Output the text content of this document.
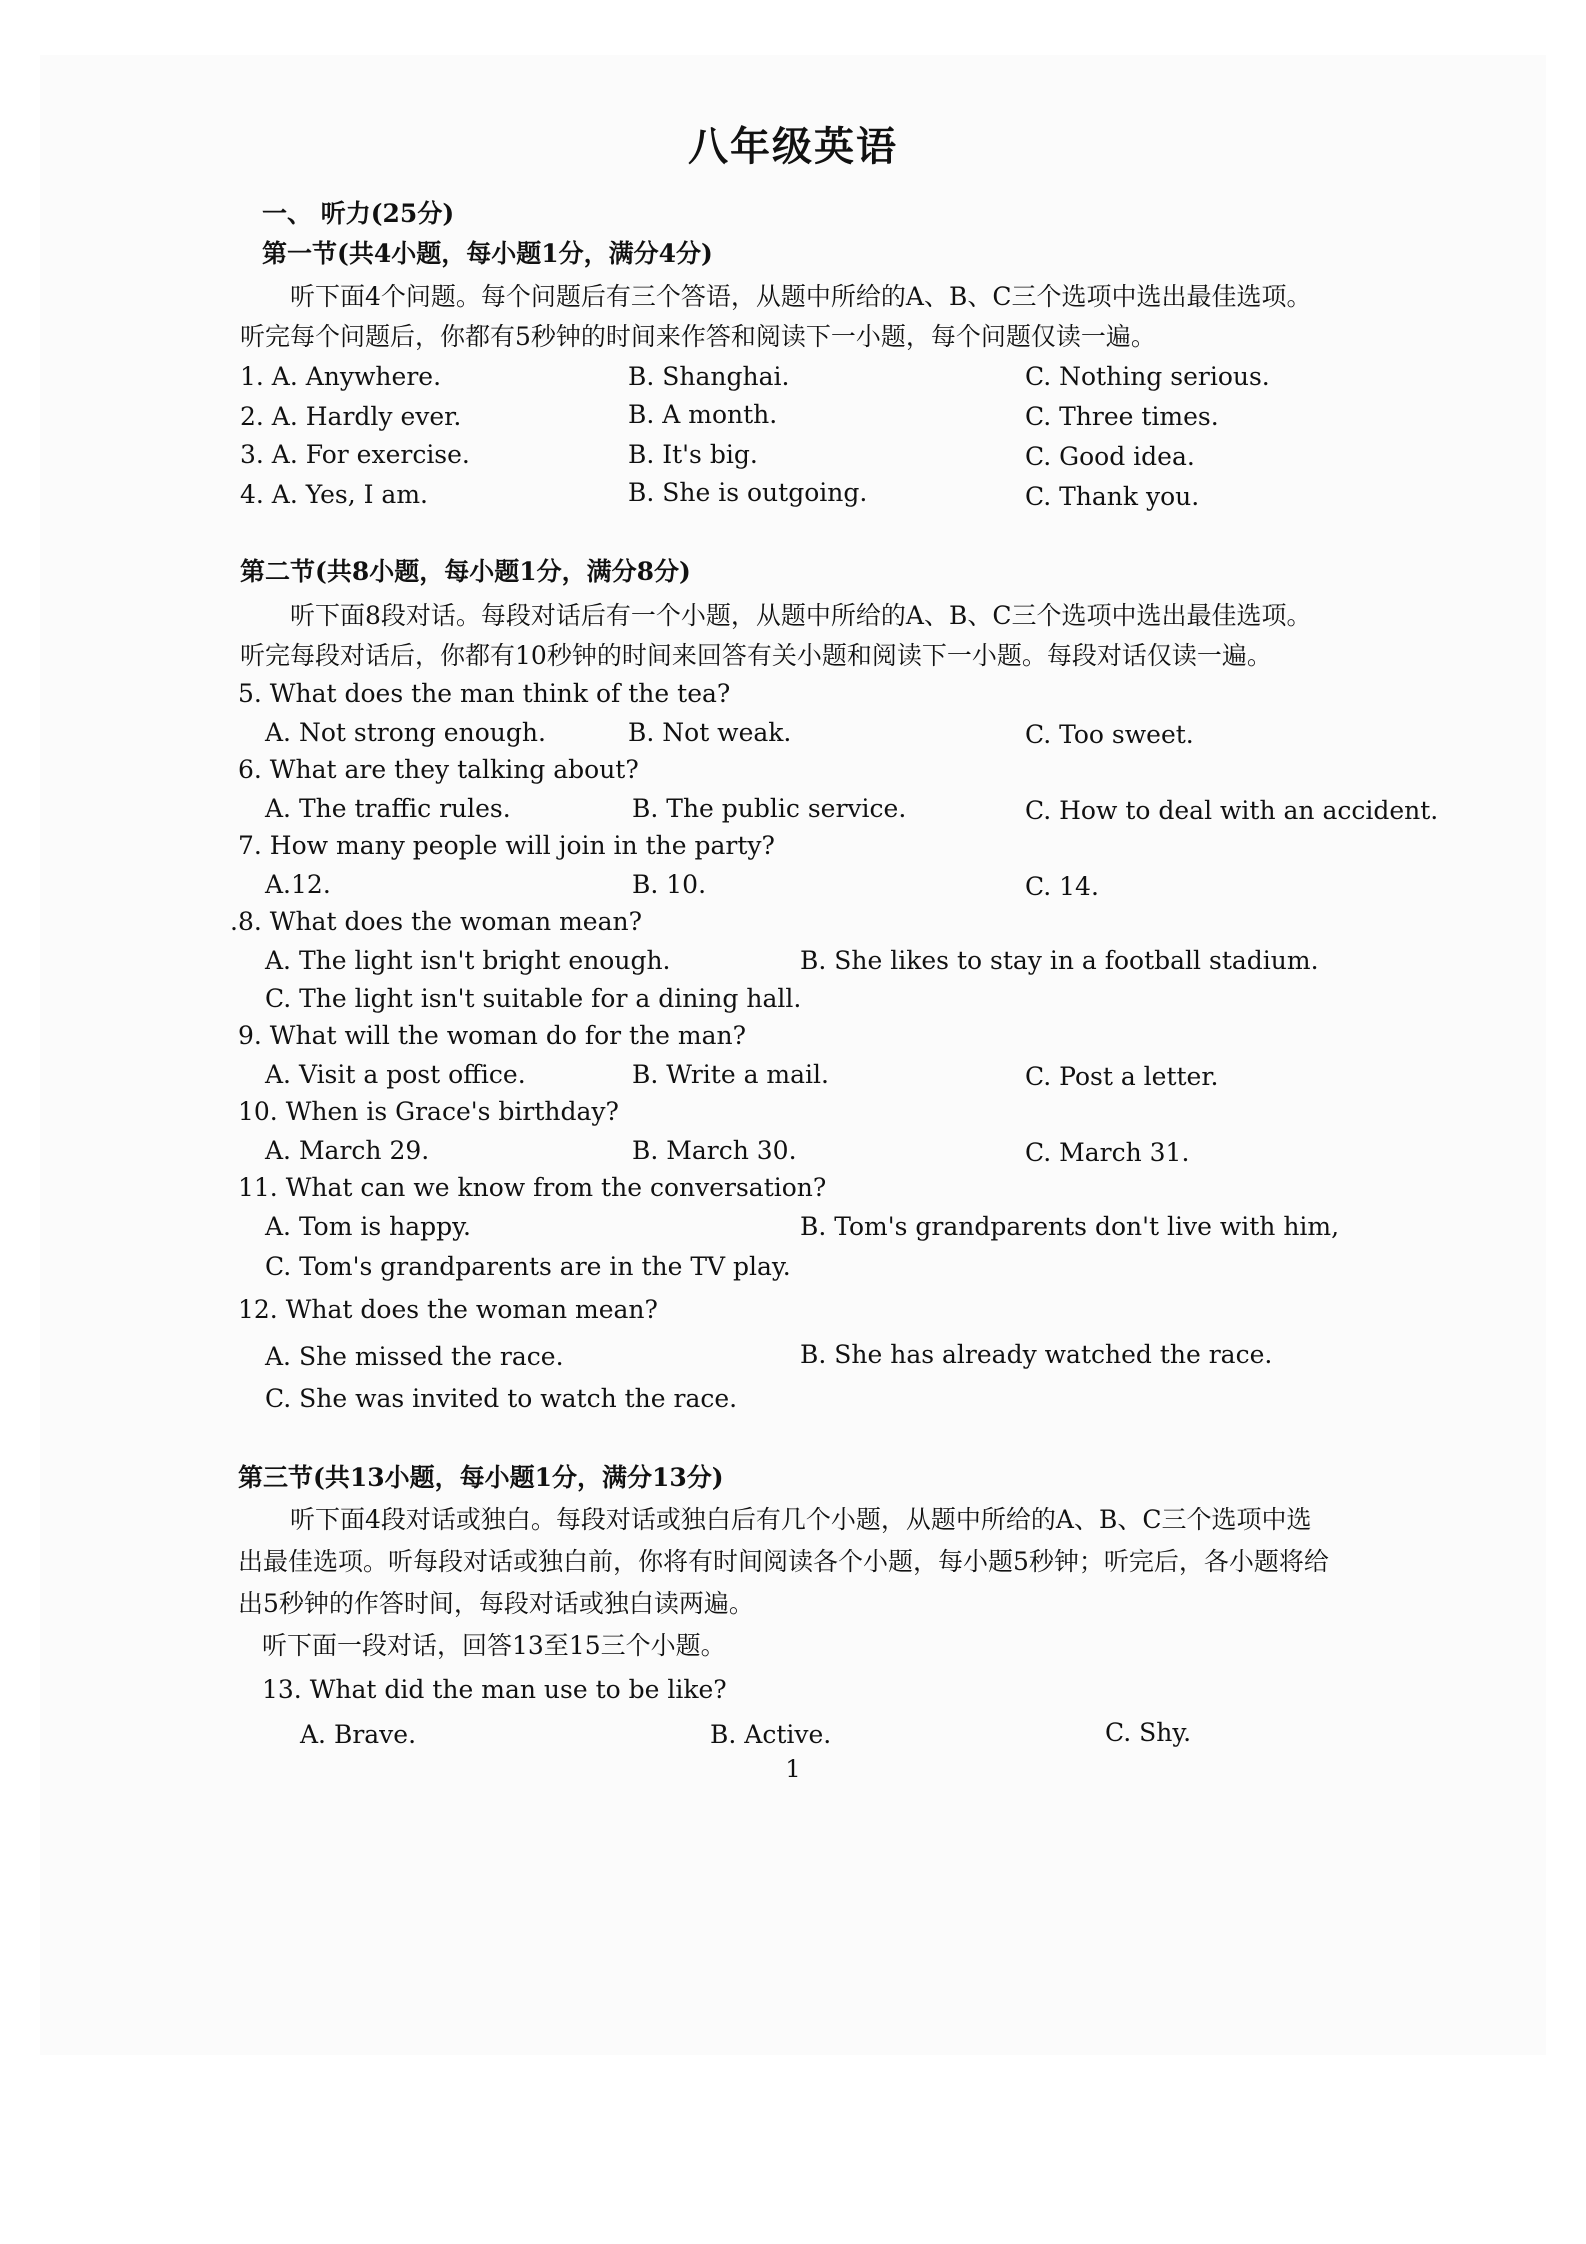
八年级英语
一、 听力(25分)
第一节(共4小题，每小题1分，满分4分)
听下面4个问题。每个问题后有三个答语，从题中所给的A、B、C三个选项中选出最佳选项。
听完每个问题后，你都有5秒钟的时间来作答和阅读下一小题，每个问题仅读一遍。
1. A. Anywhere.	B. Shanghai.	C. Nothing serious.
2. A. Hardly ever.	B. A month.	C. Three times.
3. A. For exercise.	B. It's big.	C. Good idea.
4. A. Yes, I am.	B. She is outgoing.	C. Thank you.
第二节(共8小题，每小题1分，满分8分)
听下面8段对话。每段对话后有一个小题，从题中所给的A、B、C三个选项中选出最佳选项。
听完每段对话后，你都有10秒钟的时间来回答有关小题和阅读下一小题。每段对话仅读一遍。
5. What does the man think of the tea?
A. Not strong enough.	B. Not weak.	C. Too sweet.
6. What are they talking about?
A. The traffic rules.	B. The public service.	C. How to deal with an accident.
7. How many people will join in the party?
A.12.	B. 10.	C. 14.
.8. What does the woman mean?
A. The light isn't bright enough.	B. She likes to stay in a football stadium.
C. The light isn't suitable for a dining hall.
9. What will the woman do for the man?
A. Visit a post office.	B. Write a mail.	C. Post a letter.
10. When is Grace's birthday?
A. March 29.	B. March 30.	C. March 31.
11. What can we know from the conversation?
A. Tom is happy.	B. Tom's grandparents don't live with him,
C. Tom's grandparents are in the TV play.
12. What does the woman mean?
A. She missed the race.	B. She has already watched the race.
C. She was invited to watch the race.
第三节(共13小题，每小题1分，满分13分)
听下面4段对话或独白。每段对话或独白后有几个小题，从题中所给的A、B、C三个选项中选
出最佳选项。听每段对话或独白前，你将有时间阅读各个小题，每小题5秒钟；听完后，各小题将给
出5秒钟的作答时间，每段对话或独白读两遍。
听下面一段对话，回答13至15三个小题。
13. What did the man use to be like?
A. Brave.	B. Active.	C. Shy.
1
